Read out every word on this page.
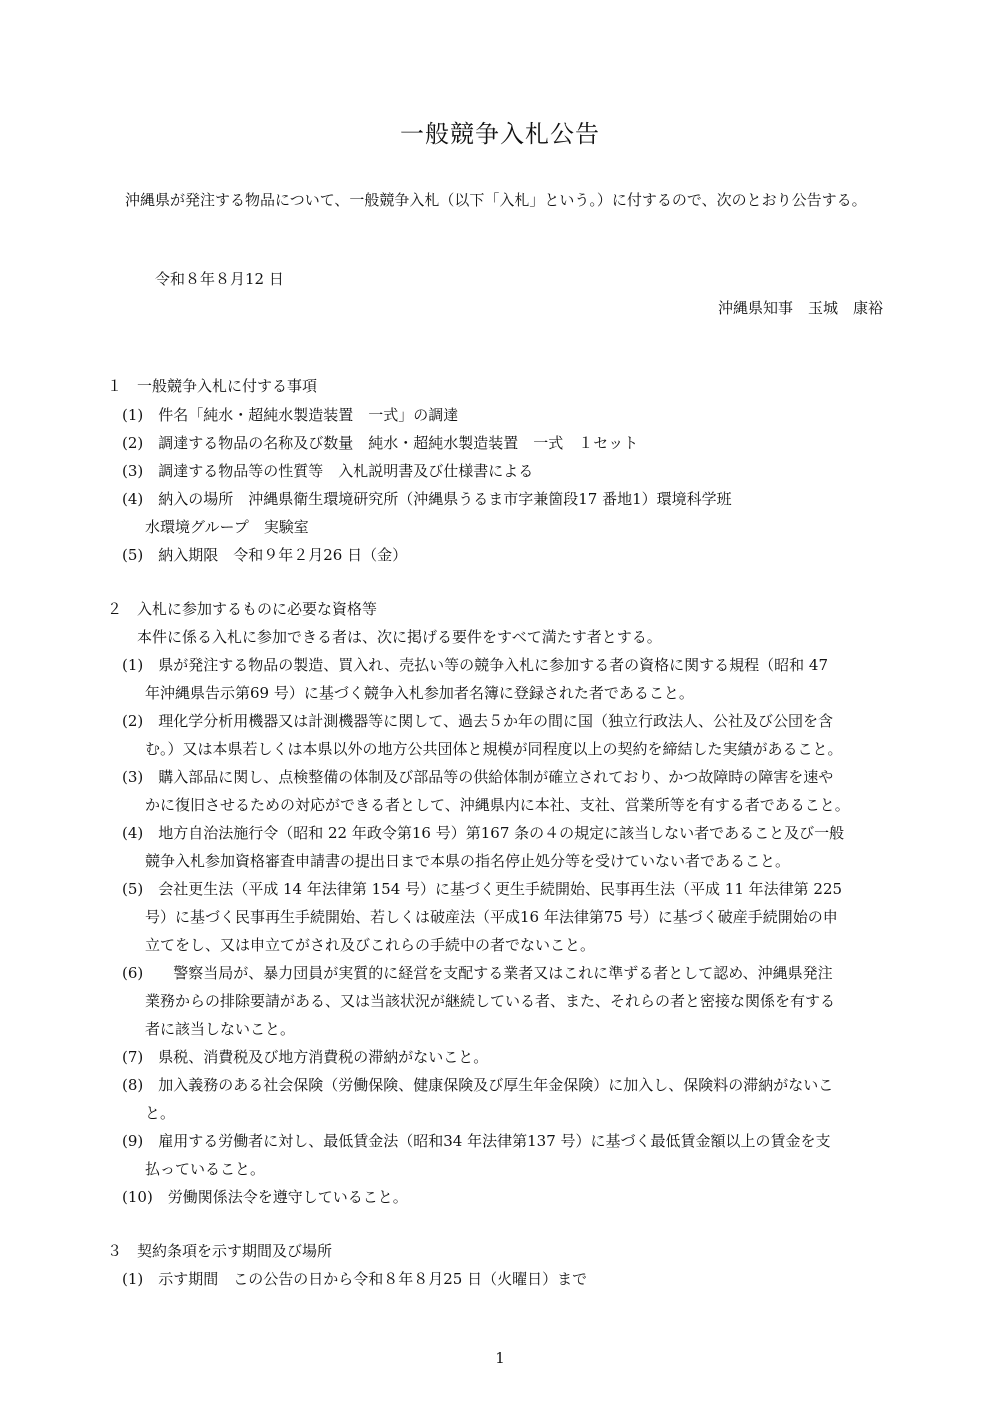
一般競争入札公告
沖縄県が発注する物品について、一般競争入札（以下「入札」という。）に付するので、次のとおり公告する。
令和８年８月12 日
沖縄県知事　玉城　康裕
１　一般競争入札に付する事項
(1)　件名「純水・超純水製造装置　一式」の調達
(2)　調達する物品の名称及び数量　純水・超純水製造装置　一式　１セット
(3)　調達する物品等の性質等　入札説明書及び仕様書による
(4)　納入の場所　沖縄県衛生環境研究所（沖縄県うるま市字兼箇段17 番地1）環境科学班
水環境グループ　実験室
(5)　納入期限　令和９年２月26 日（金）
２　入札に参加するものに必要な資格等
本件に係る入札に参加できる者は、次に掲げる要件をすべて満たす者とする。
(1)　県が発注する物品の製造、買入れ、売払い等の競争入札に参加する者の資格に関する規程（昭和 47
年沖縄県告示第69 号）に基づく競争入札参加者名簿に登録された者であること。
(2)　理化学分析用機器又は計測機器等に関して、過去５か年の間に国（独立行政法人、公社及び公団を含
む。）又は本県若しくは本県以外の地方公共団体と規模が同程度以上の契約を締結した実績があること。
(3)　購入部品に関し、点検整備の体制及び部品等の供給体制が確立されており、かつ故障時の障害を速や
かに復旧させるための対応ができる者として、沖縄県内に本社、支社、営業所等を有する者であること。
(4)　地方自治法施行令（昭和 22 年政令第16 号）第167 条の４の規定に該当しない者であること及び一般
競争入札参加資格審査申請書の提出日まで本県の指名停止処分等を受けていない者であること。
(5)　会社更生法（平成 14 年法律第 154 号）に基づく更生手続開始、民事再生法（平成 11 年法律第 225
号）に基づく民事再生手続開始、若しくは破産法（平成16 年法律第75 号）に基づく破産手続開始の申
立てをし、又は申立てがされ及びこれらの手続中の者でないこと。
(6)　　警察当局が、暴力団員が実質的に経営を支配する業者又はこれに準ずる者として認め、沖縄県発注
業務からの排除要請がある、又は当該状況が継続している者、また、それらの者と密接な関係を有する
者に該当しないこと。
(7)　県税、消費税及び地方消費税の滞納がないこと。
(8)　加入義務のある社会保険（労働保険、健康保険及び厚生年金保険）に加入し、保険料の滞納がないこ
と。
(9)　雇用する労働者に対し、最低賃金法（昭和34 年法律第137 号）に基づく最低賃金額以上の賃金を支
払っていること。
(10)　労働関係法令を遵守していること。
３　契約条項を示す期間及び場所
(1)　示す期間　この公告の日から令和８年８月25 日（火曜日）まで
1
